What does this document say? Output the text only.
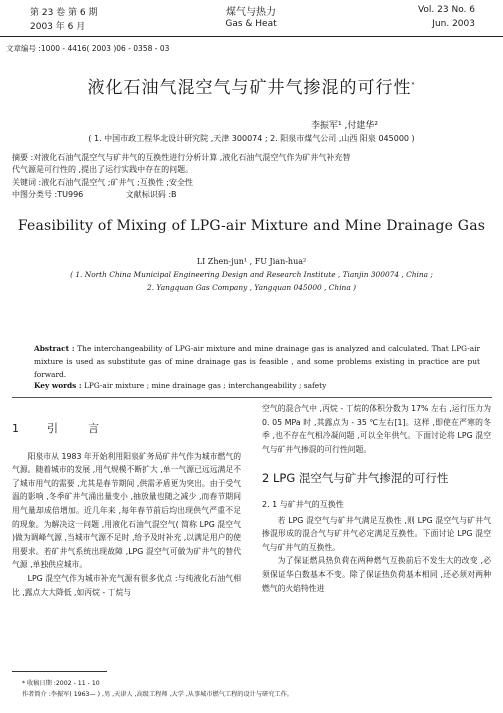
第 23 卷 第 6 期
2003 年 6 月
煤气与热力
Gas & Heat
Vol. 23 No. 6
Jun. 2003
文章编号 :1000 - 4416( 2003 )06 - 0358 - 03
液化石油气混空气与矿井气掺混的可行性*
李振军¹ ,付建华²
( 1. 中国市政工程华北设计研究院 ,天津 300074 ; 2. 阳泉市煤气公司 ,山西 阳泉 045000 )

摘要 :对液化石油气混空气与矿井气的互换性进行分析计算 ,液化石油气混空气作为矿井气补充替

代气源是可行性的 ,提出了运行实践中存在的问题。

关键词 :液化石油气混空气 ;矿井气 ;互换性 ;安全性
中图分类号 :TU996	文献标识码 :B
Feasibility of Mixing of LPG-air Mixture and Mine Drainage Gas
LI Zhen-jun¹ , FU Jian-hua²
( 1. North China Municipal Engineering Design and Research Institute , Tianjin 300074 , China ;
2. Yangquan Gas Company , Yangquan 045000 , China )
Abstract : The interchangeability of LPG-air mixture and mine drainage gas is analyzed and calculated. That LPG-air mixture is used as substitute gas of mine drainage gas is feasible , and some problems existing in practice are put forward.
Key words : LPG-air mixture ; mine drainage gas ; interchangeability ; safety
1	引	言

阳泉市从 1983 年开始利用阳泉矿务局矿井气作为城市燃气的气源。随着城市的发展 ,用气规模不断扩大 ,单一气源已远远满足不了城市用气的需要 ,尤其是春节期间 ,供需矛盾更为突出。由于受气温的影响 ,冬季矿井气涌出量变小 ,抽放量也随之减少 ,而春节期间用气量却成倍增加。近几年来 ,每年春节前后均出现供气严重不足的现象。为解决这一问题 ,用液化石油气混空气( 简称 LPG 混空气 )做为调峰气源 ,当城市气源不足时 ,给予及时补充 ,以满足用户的使用要求。若矿井气系统出现故障 ,LPG 混空气可做为矿井气的替代气源 ,单独供应城市。

LPG 混空气作为城市补充气源有很多优点 :与纯液化石油气相比 ,露点大大降低 ,如丙烷 - 丁烷与

空气的混合气中 ,丙烷 - 丁烷的体积分数为 17% 左右 ,运行压力为 0. 05 MPa 时 ,其露点为 - 35 ℃左右[1]。这样 ,即使在严寒的冬季 ,也不存在气相冷凝问题 ,可以全年供气。下面讨论将 LPG 混空气与矿井气掺混的可行性问题。

2 LPG 混空气与矿井气掺混的可行性
2. 1 与矿井气的互换性

若 LPG 混空气与矿井气满足互换性 ,则 LPG 混空气与矿井气掺混形成的混合气与矿井气必定满足互换性。下面讨论 LPG 混空气与矿井气的互换性。

为了保证燃具热负荷在两种燃气互换前后不发生大的改变 ,必须保证华白数基本不变。除了保证热负荷基本相同 ,还必须对两种燃气的火焰特性进

* 收稿日期 :2002 - 11 - 10
作者简介 :李振军( 1963— ) ,男 ,天津人 ,高级工程师 ,大学 ,从事城市燃气工程的设计与研究工作。
